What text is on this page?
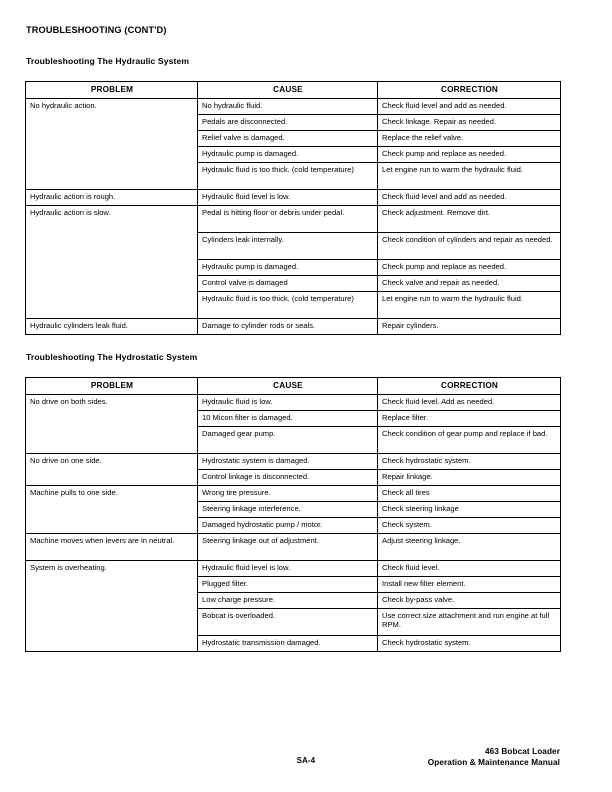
TROUBLESHOOTING (CONT'D)
Troubleshooting The Hydraulic System
PROBLEM	CAUSE	CORRECTION
No hydraulic action.	No hydraulic fluid.	Check fluid level and add as needed.
	Pedals are disconnected.	Check linkage. Repair as needed.
	Relief valve is damaged.	Replace the relief valve.
	Hydraulic pump is damaged.	Check pump and replace as needed.
	Hydraulic fluid is too thick. (cold temperature)	Let engine run to warm the hydraulic fluid.
Hydraulic action is rough.	Hydraulic fluid level is low.	Check fluid level and add as needed.
Hydraulic action is slow.	Pedal is hitting floor or debris under pedal.	Check adjustment. Remove dirt.
	Cylinders leak internally.	Check condition of cylinders and repair as needed.
	Hydraulic pump is damaged.	Check pump and replace as needed.
	Control valve is damaged	Check valve and repair as needed.
	Hydraulic fluid is too thick. (cold temperature)	Let engine run to warm the hydraulic fluid.
Hydraulic cylinders leak fluid.	Damage to cylinder rods or seals.	Repair cylinders.
Troubleshooting The Hydrostatic System
PROBLEM	CAUSE	CORRECTION
No drive on both sides.	Hydraulic fluid is low.	Check fluid level. Add as needed.
	10 Micon filter is damaged.	Replace filter.
	Damaged gear pump.	Check condition of gear pump and replace if bad.
No drive on one side.	Hydrostatic system is damaged.	Check hydrostatic system.
	Control linkage is disconnected.	Repair linkage.
Machine pulls to one side.	Wrong tire pressure.	Check all tires
	Steering linkage interference.	Check steering linkage
	Damaged hydrostatic pump / motor.	Check system.
Machine moves when levers are in neutral.	Steering linkage out of adjustment.	Adjust steering linkage.
System is overheating.	Hydraulic fluid level is low.	Check fluid level.
	Plugged filter.	Install new filter element.
	Low charge pressure.	Check by-pass valve.
	Bobcat is overloaded.	Use correct size attachment and run engine at full RPM.
	Hydrostatic transmission damaged.	Check hydrostatic system.
SA-4
463 Bobcat Loader
Operation & Maintenance Manual
